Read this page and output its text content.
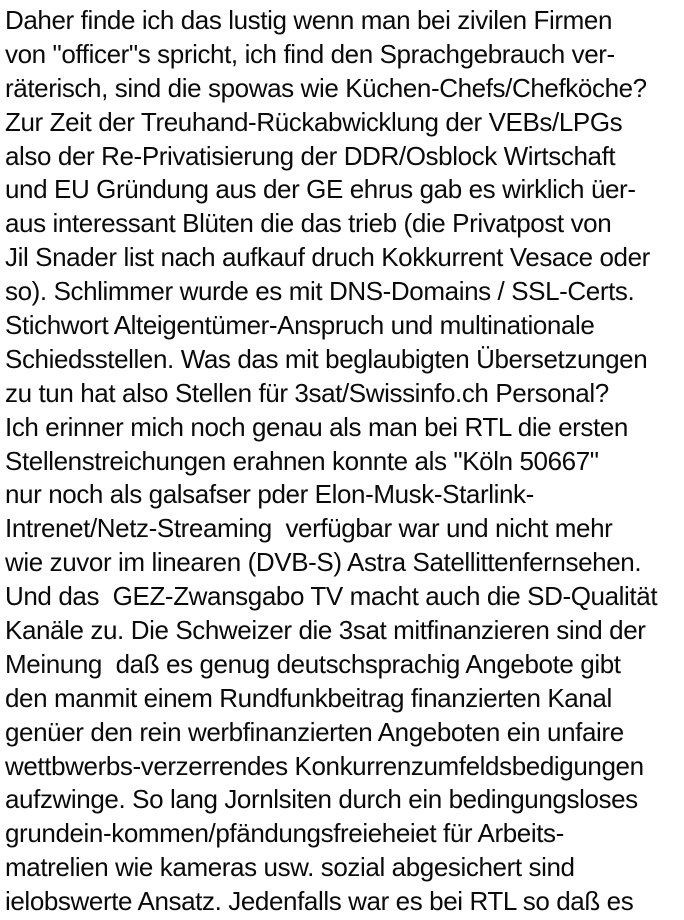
Daher finde ich das lustig wenn man bei zivilen Firmen
von "officer"s spricht, ich find den Sprachgebrauch ver-
räterisch, sind die spowas wie Küchen-Chefs/Chefköche?
Zur Zeit der Treuhand-Rückabwicklung der VEBs/LPGs
also der Re-Privatisierung der DDR/Osblock Wirtschaft
und EU Gründung aus der GE ehrus gab es wirklich üer-
aus interessant Blüten die das trieb (die Privatpost von
Jil Snader list nach aufkauf druch Kokkurrent Vesace oder
so). Schlimmer wurde es mit DNS-Domains / SSL-Certs.
Stichwort Alteigentümer-Anspruch und multinationale
Schiedsstellen. Was das mit beglaubigten Übersetzungen
zu tun hat also Stellen für 3sat/Swissinfo.ch Personal?
Ich erinner mich noch genau als man bei RTL die ersten
Stellenstreichungen erahnen konnte als "Köln 50667"
nur noch als galsafser pder Elon-Musk-Starlink-
Intrenet/Netz-Streaming  verfügbar war und nicht mehr
wie zuvor im linearen (DVB-S) Astra Satellittenfernsehen.
Und das  GEZ-Zwansgabo TV macht auch die SD-Qualität
Kanäle zu. Die Schweizer die 3sat mitfinanzieren sind der
Meinung  daß es genug deutschsprachig Angebote gibt
den manmit einem Rundfunkbeitrag finanzierten Kanal
genüer den rein werbfinanzierten Angeboten ein unfaire
wettbwerbs-verzerrendes Konkurrenzumfeldsbedigungen
aufzwinge. So lang Jornlsiten durch ein bedingungsloses
grundein-kommen/pfändungsfreieheiet für Arbeits-
matrelien wie kameras usw. sozial abgesichert sind
ielobswerte Ansatz. Jedenfalls war es bei RTL so daß es
